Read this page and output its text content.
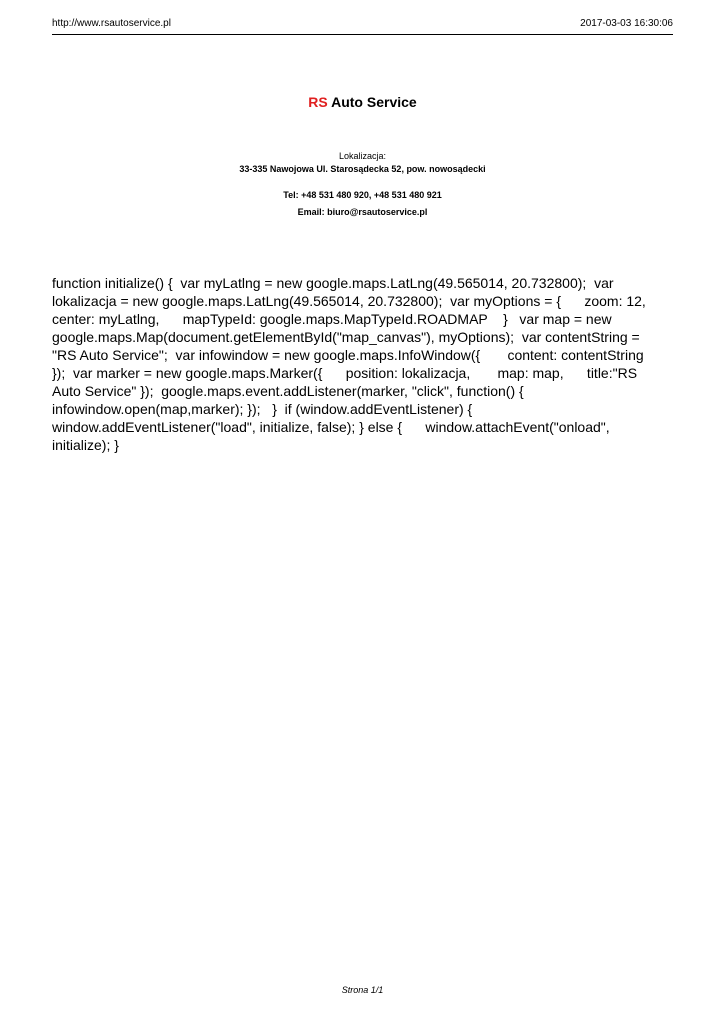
http://www.rsautoservice.pl	2017-03-03 16:30:06
RS Auto Service
Lokalizacja:
33-335 Nawojowa Ul. Starosądecka 52, pow. nowosądecki
Tel: +48 531 480 920, +48 531 480 921
Email: biuro@rsautoservice.pl
function initialize() {  var myLatlng = new google.maps.LatLng(49.565014, 20.732800);  var lokalizacja = new google.maps.LatLng(49.565014, 20.732800);  var myOptions = {      zoom: 12,     center: myLatlng,      mapTypeId: google.maps.MapTypeId.ROADMAP    }   var map = new google.maps.Map(document.getElementById("map_canvas"), myOptions);  var contentString = "RS Auto Service";  var infowindow = new google.maps.InfoWindow({       content: contentString });  var marker = new google.maps.Marker({      position: lokalizacja,       map: map,      title:"RS Auto Service" });  google.maps.event.addListener(marker, "click", function() {    infowindow.open(map,marker); });   }  if (window.addEventListener) {       window.addEventListener("load", initialize, false); } else {      window.attachEvent("onload", initialize); }
Strona 1/1
